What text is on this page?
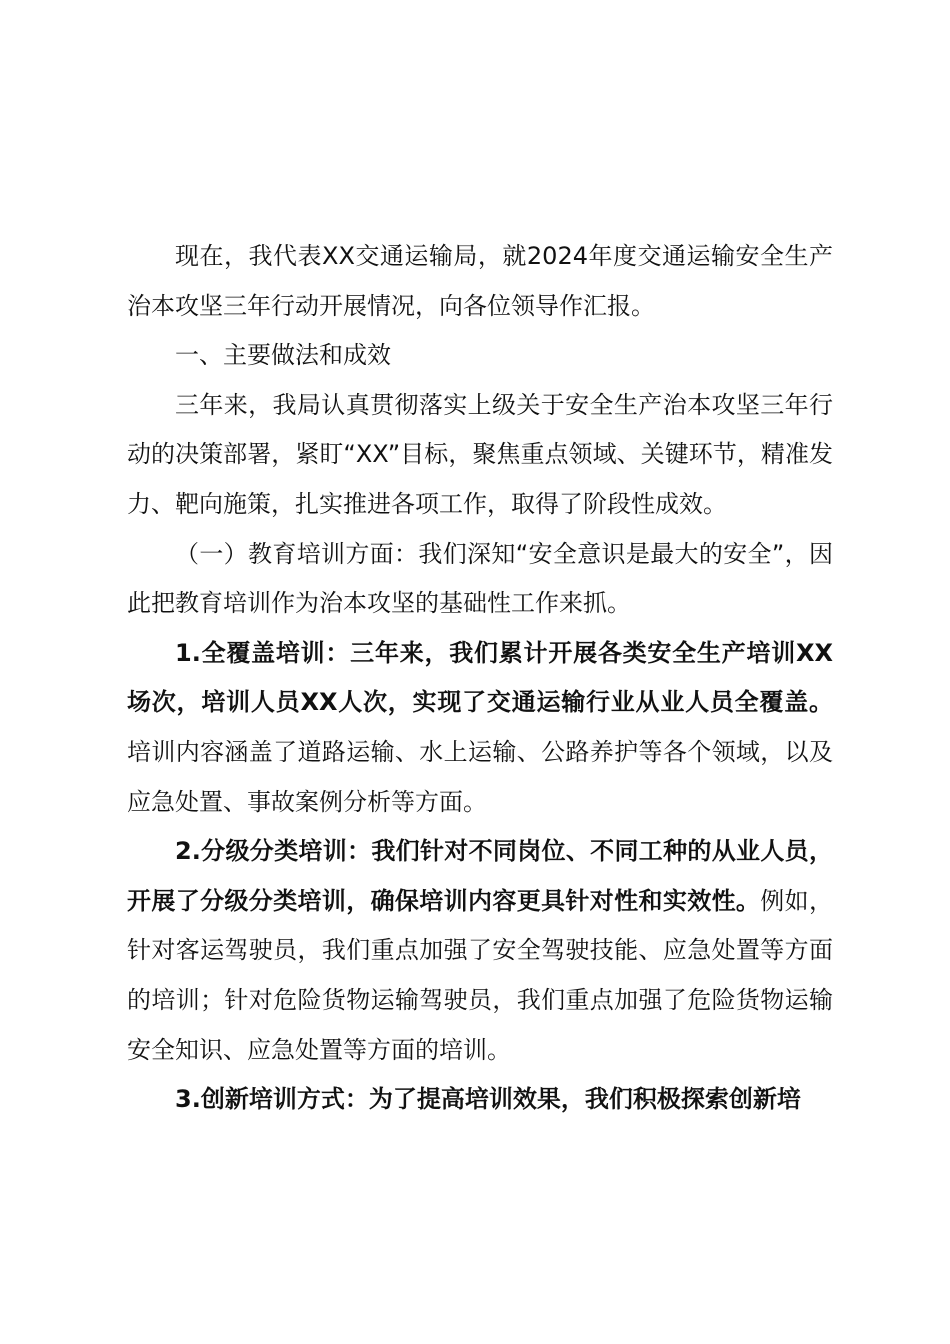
现在，我代表XX交通运输局，就2024年度交通运输安全生产治本攻坚三年行动开展情况，向各位领导作汇报。

一、主要做法和成效

三年来，我局认真贯彻落实上级关于安全生产治本攻坚三年行动的决策部署，紧盯“XX”目标，聚焦重点领域、关键环节，精准发力、靶向施策，扎实推进各项工作，取得了阶段性成效。

（一）教育培训方面：我们深知“安全意识是最大的安全”，因此把教育培训作为治本攻坚的基础性工作来抓。

1.全覆盖培训：三年来，我们累计开展各类安全生产培训XX场次，培训人员XX人次，实现了交通运输行业从业人员全覆盖。培训内容涵盖了道路运输、水上运输、公路养护等各个领域，以及应急处置、事故案例分析等方面。

2.分级分类培训：我们针对不同岗位、不同工种的从业人员，开展了分级分类培训，确保培训内容更具针对性和实效性。例如，针对客运驾驶员，我们重点加强了安全驾驶技能、应急处置等方面的培训；针对危险货物运输驾驶员，我们重点加强了危险货物运输安全知识、应急处置等方面的培训。

3.创新培训方式：为了提高培训效果，我们积极探索创新培
